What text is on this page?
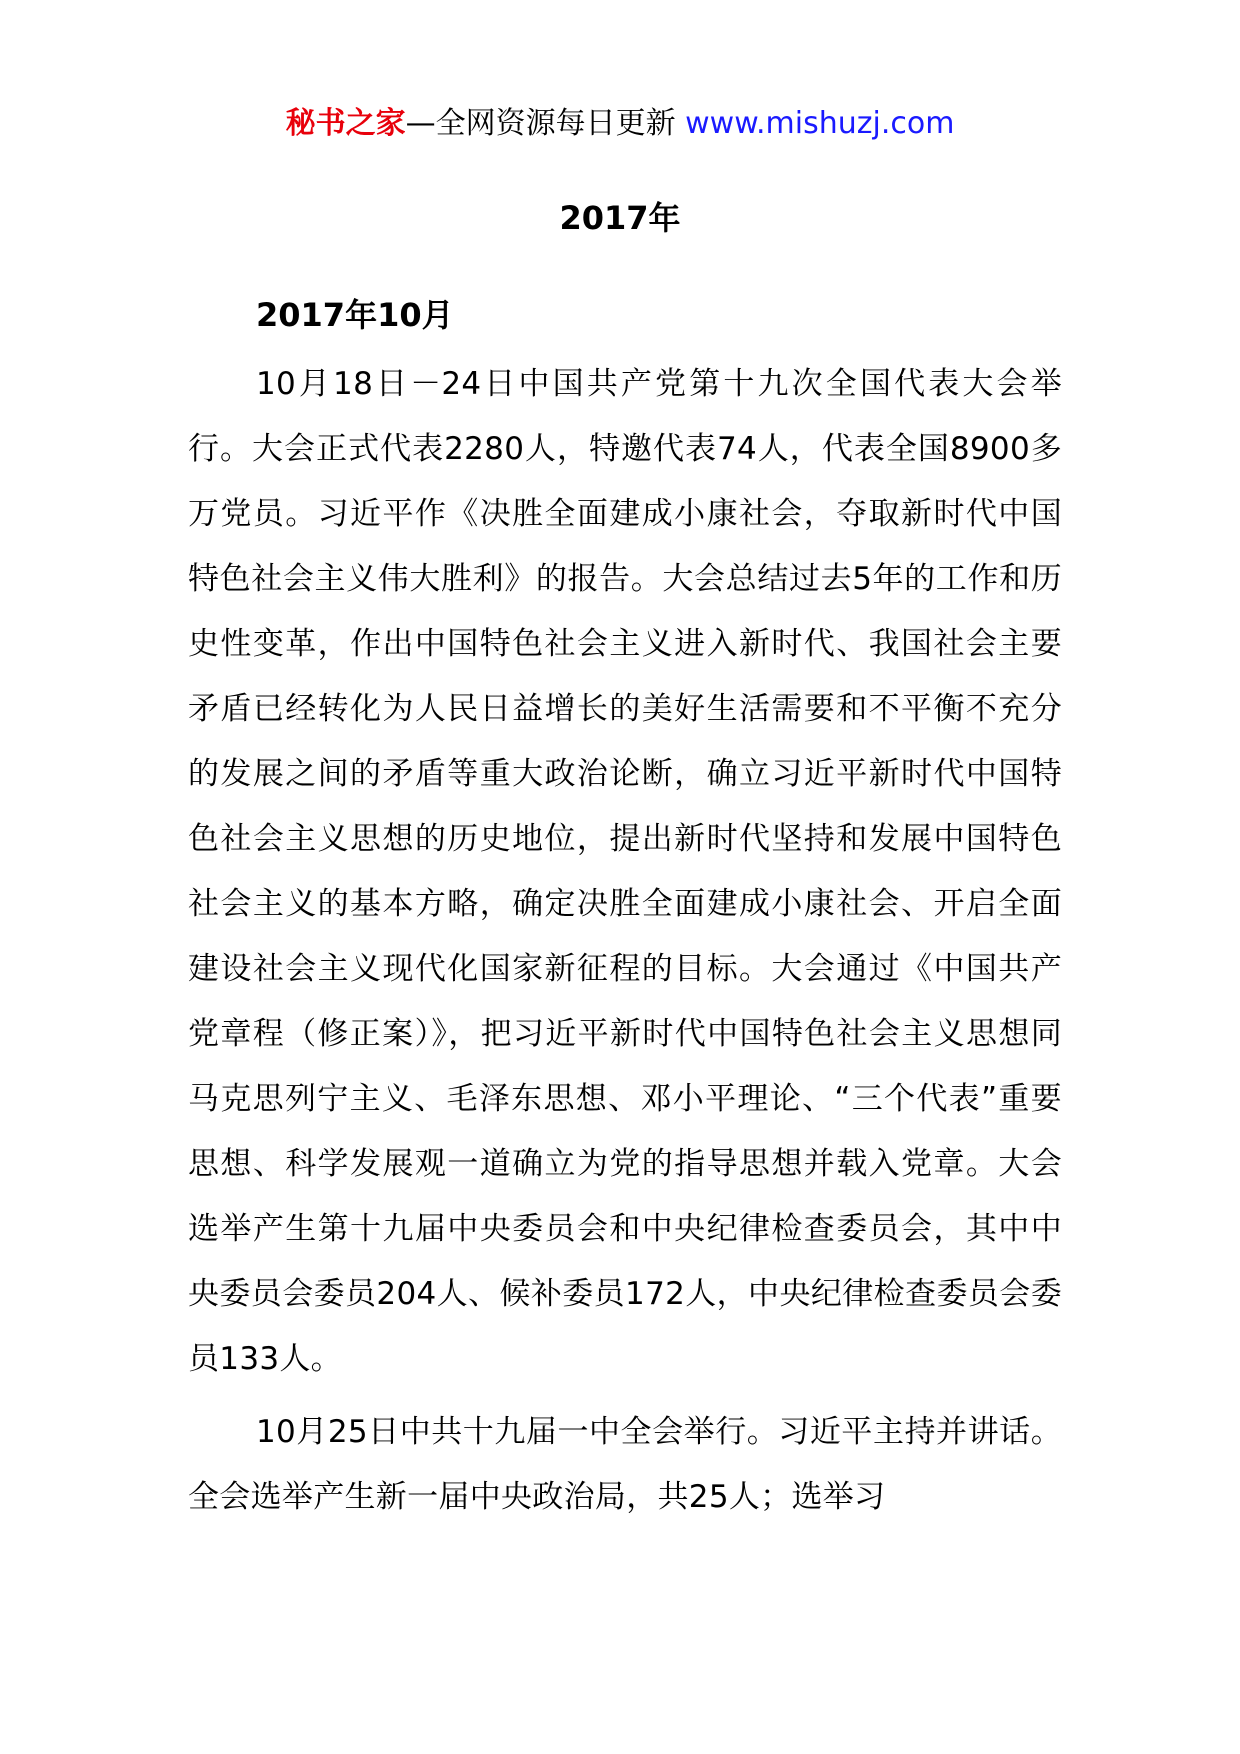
秘书之家—全网资源每日更新 www.mishuzj.com
2017年
2017年10月

10月18日－24日中国共产党第十九次全国代表大会举行。大会正式代表2280人，特邀代表74人，代表全国8900多万党员。习近平作《决胜全面建成小康社会，夺取新时代中国特色社会主义伟大胜利》的报告。大会总结过去5年的工作和历史性变革，作出中国特色社会主义进入新时代、我国社会主要矛盾已经转化为人民日益增长的美好生活需要和不平衡不充分的发展之间的矛盾等重大政治论断，确立习近平新时代中国特色社会主义思想的历史地位，提出新时代坚持和发展中国特色社会主义的基本方略，确定决胜全面建成小康社会、开启全面建设社会主义现代化国家新征程的目标。大会通过《中国共产党章程（修正案）》，把习近平新时代中国特色社会主义思想同马克思列宁主义、毛泽东思想、邓小平理论、“三个代表”重要思想、科学发展观一道确立为党的指导思想并载入党章。大会选举产生第十九届中央委员会和中央纪律检查委员会，其中中央委员会委员204人、候补委员172人，中央纪律检查委员会委员133人。

10月25日中共十九届一中全会举行。习近平主持并讲话。全会选举产生新一届中央政治局，共25人；选举习
